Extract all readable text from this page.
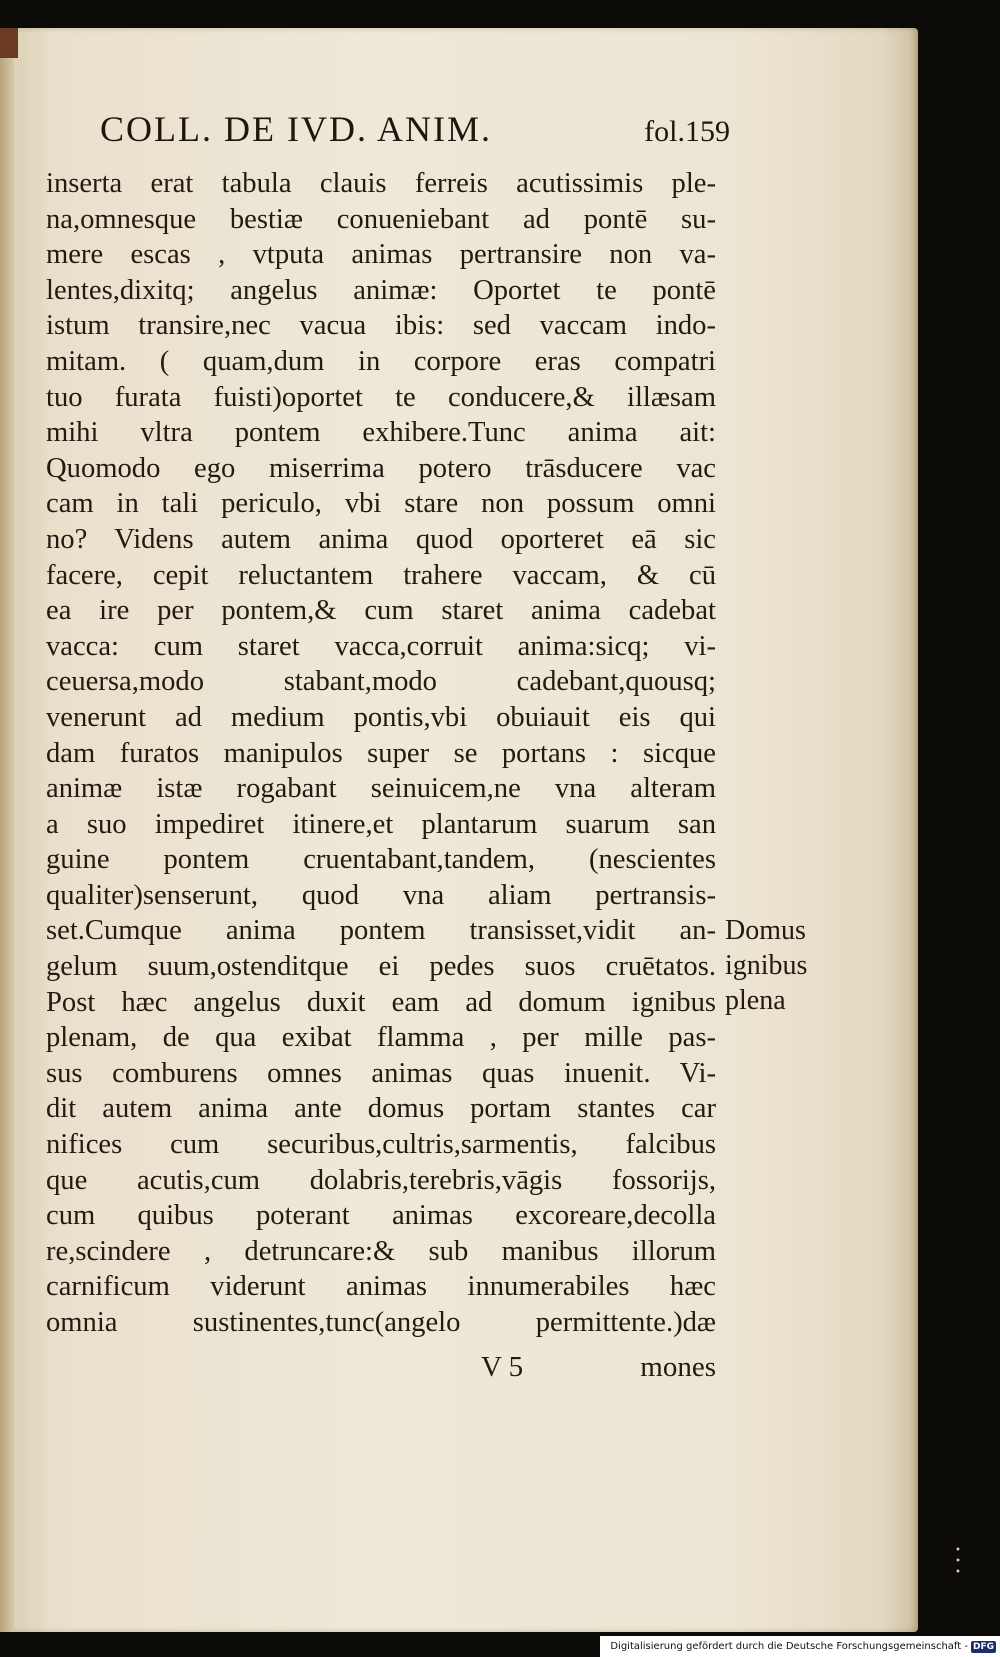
COLL. DE IVD. ANIM.	fol.159
inserta erat tabula clauis ferreis acutissimis ple-
na,omnesque bestiæ conueniebant ad pontē su-
mere escas , vtputa animas pertransire non va-
lentes,dixitq; angelus animæ: Oportet te pontē
istum transire,nec vacua ibis: sed vaccam indo-
mitam. ( quam,dum in corpore eras compatri
tuo furata fuisti)oportet te conducere,& illæsam
mihi vltra pontem exhibere.Tunc anima ait:
Quomodo ego miserrima potero trāsducere vac
cam in tali periculo, vbi stare non possum omni
no? Videns autem anima quod oporteret eā sic
facere, cepit reluctantem trahere vaccam, & cū
ea ire per pontem,& cum staret anima cadebat
vacca: cum staret vacca,corruit anima:sicq; vi-
ceuersa,modo stabant,modo cadebant,quousq;
venerunt ad medium pontis,vbi obuiauit eis qui
dam furatos manipulos super se portans : sicque
animæ istæ rogabant seinuicem,ne vna alteram
a suo impediret itinere,et plantarum suarum san
guine pontem cruentabant,tandem, (nescientes
qualiter)senserunt, quod vna aliam pertransis-
set.Cumque anima pontem transisset,vidit an-
gelum suum,ostenditque ei pedes suos cruētatos.
Post hæc angelus duxit eam ad domum ignibus
plenam, de qua exibat flamma , per mille pas-
sus comburens omnes animas quas inuenit. Vi-
dit autem anima ante domus portam stantes car
nifices cum securibus,cultris,sarmentis, falcibus
que acutis,cum dolabris,terebris,vāgis fossorijs,
cum quibus poterant animas excoreare,decolla
re,scindere , detruncare:& sub manibus illorum
carnificum viderunt animas innumerabiles hæc
omnia sustinentes,tunc(angelo permittente.)dæ
Domus
ignibus
plena
V 5	mones
• • •
Digitalisierung gefördert durch die Deutsche Forschungsgemeinschaft - DFG
